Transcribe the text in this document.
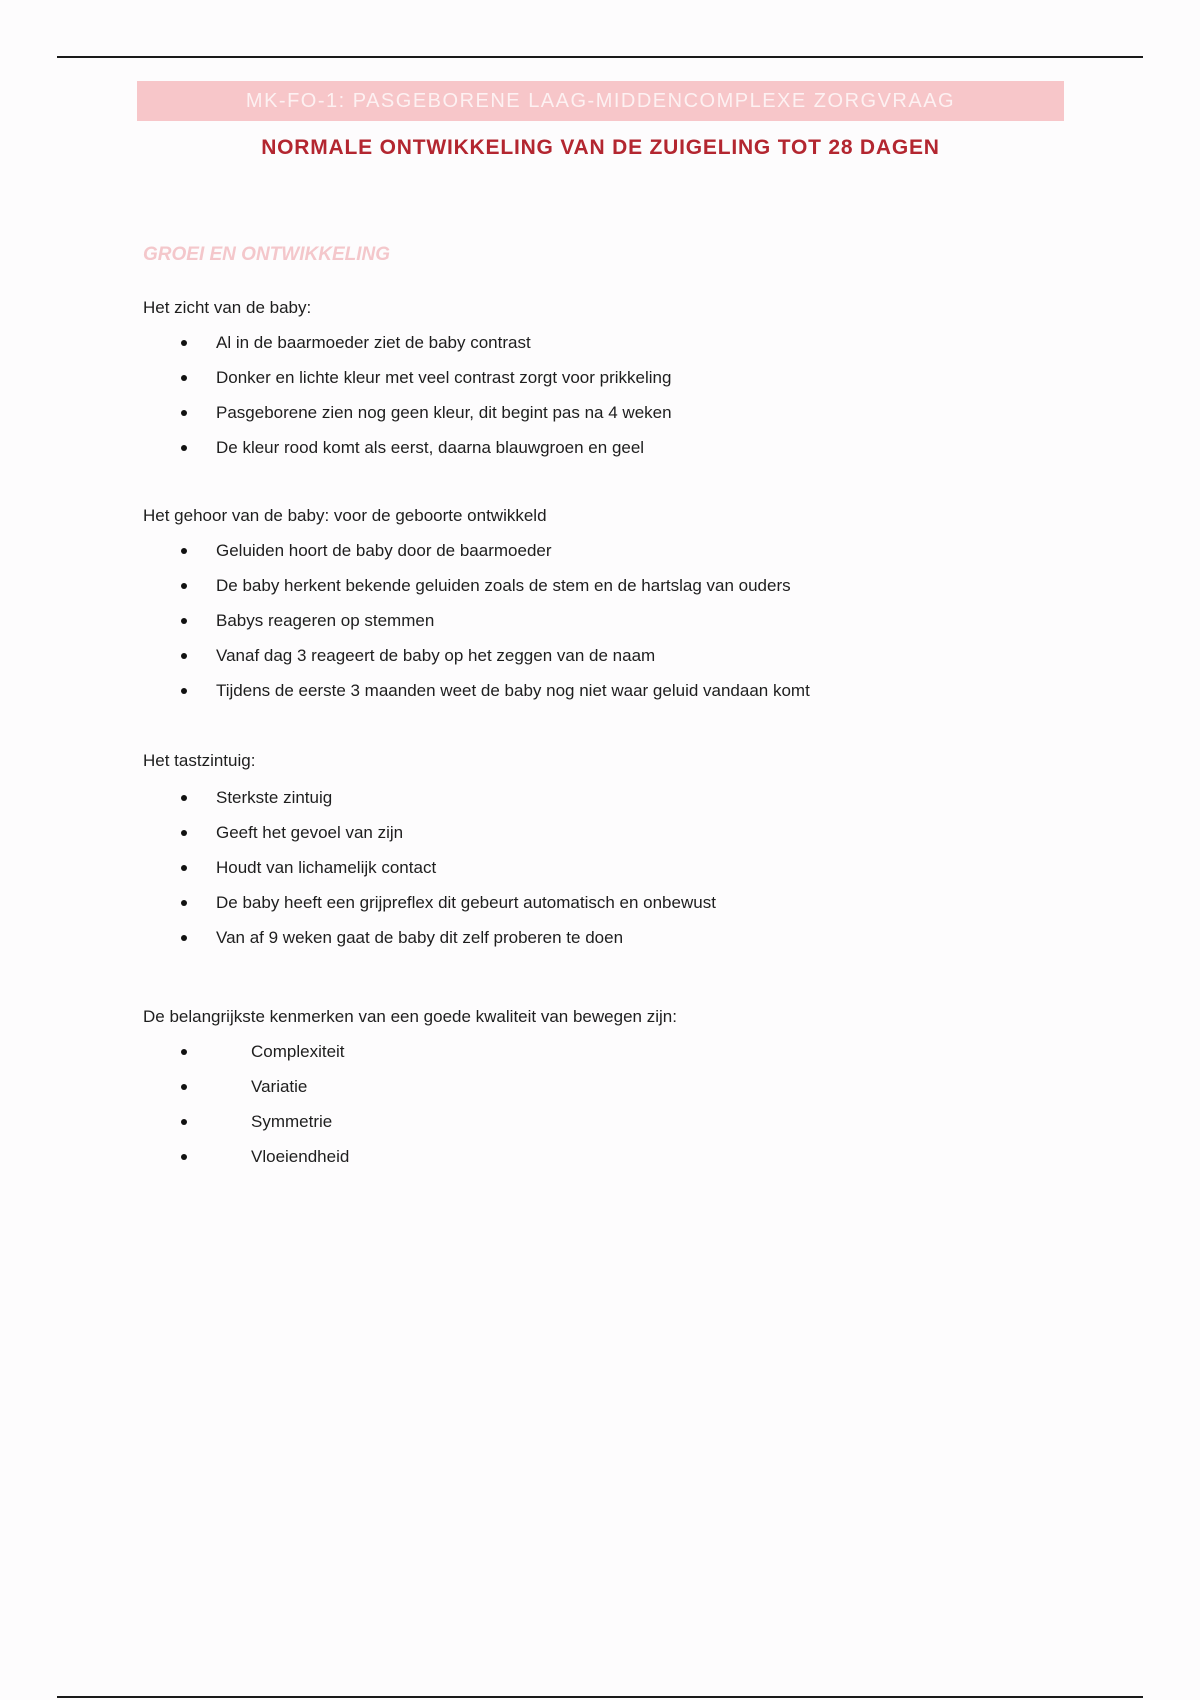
MK-FO-1: PASGEBORENE LAAG-MIDDENCOMPLEXE ZORGVRAAG
NORMALE ONTWIKKELING VAN DE ZUIGELING TOT 28 DAGEN
GROEI EN ONTWIKKELING
Het zicht van de baby:
Al in de baarmoeder ziet de baby contrast
Donker en lichte kleur met veel contrast zorgt voor prikkeling
Pasgeborene zien nog geen kleur, dit begint pas na 4 weken
De kleur rood komt als eerst, daarna blauwgroen en geel
Het gehoor van de baby: voor de geboorte ontwikkeld
Geluiden hoort de baby door de baarmoeder
De baby herkent bekende geluiden zoals de stem en de hartslag van ouders
Babys reageren op stemmen
Vanaf dag 3 reageert de baby op het zeggen van de naam
Tijdens de eerste 3 maanden weet de baby nog niet waar geluid vandaan komt
Het tastzintuig:
Sterkste zintuig
Geeft het gevoel van zijn
Houdt van lichamelijk contact
De baby heeft een grijpreflex dit gebeurt automatisch en onbewust
Van af 9 weken gaat de baby dit zelf proberen te doen
De belangrijkste kenmerken van een goede kwaliteit van bewegen zijn:
Complexiteit
Variatie
Symmetrie
Vloeiendheid
